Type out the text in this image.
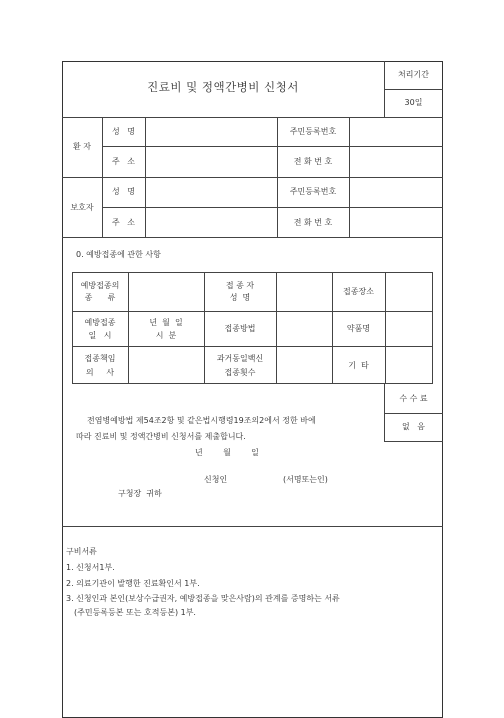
진료비 및 정액간병비 신청서
처리기간
30일
환 자
성   명
주   소
주민등록번호
전 화 번 호
보호자
성   명
주   소
주민등록번호
전 화 번 호
0. 예방접종에 관한 사항
예방접종의
종      류
접 종 자
성  명
접종장소
예방접종
일   시
년  월  일
시  분
접종방법	약품명
접종책임
의     사
과거동일백신
접종횟수
기  타
수 수 료
없   음
전염병예방법 제54조2항 및 같은법시행령19조의2에서 정한 바에
따라 진료비 및 정액간병비 신청서를 제출합니다.
년        월        일
신청인	(서명또는인)
구청장  귀하
구비서류
1. 신청서1부.
2. 의료기관이 발행한 진료확인서 1부.
3. 신청인과 본인(보상수급권자, 예방접종을 맞은사람)의 관계를 증명하는 서류
(주민등록등본 또는 호적등본) 1부.
